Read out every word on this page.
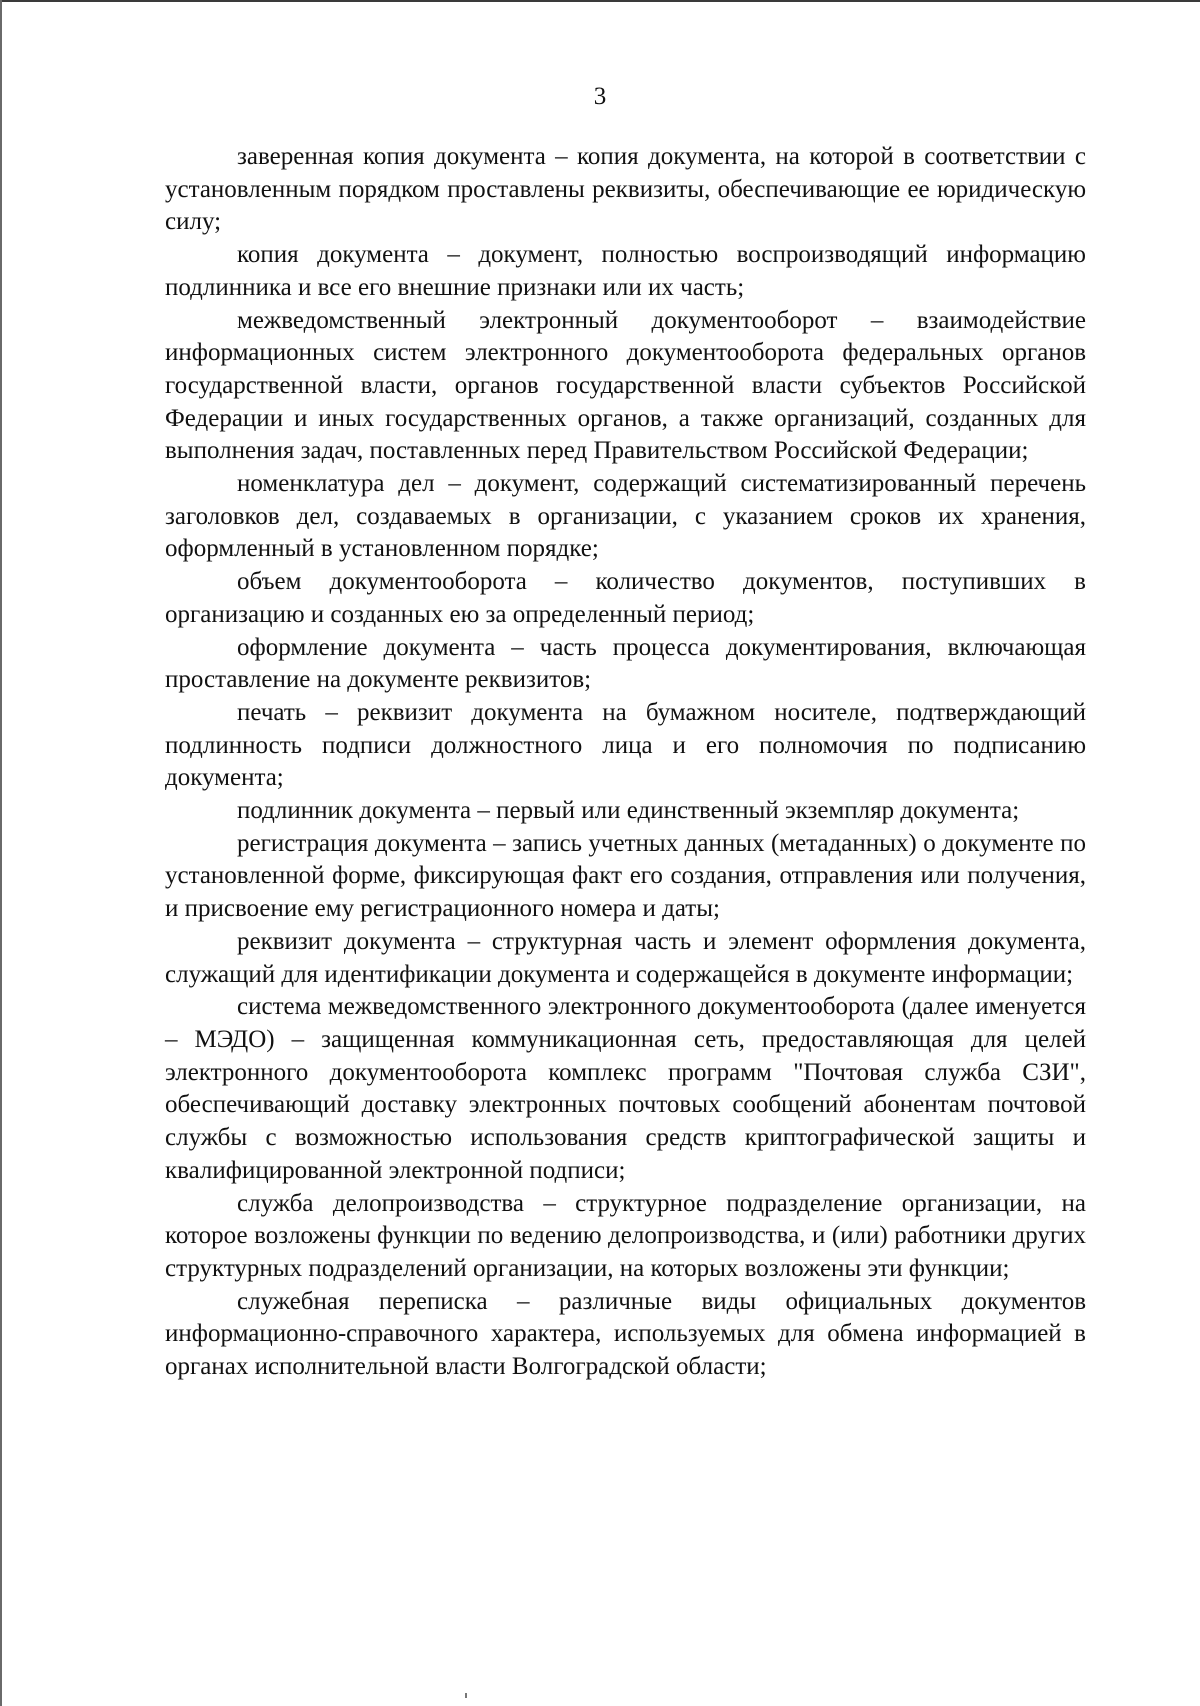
3

заверенная копия документа – копия документа, на которой в соответствии с установленным порядком проставлены реквизиты, обеспечивающие ее юридическую силу;

копия документа – документ, полностью воспроизводящий информацию подлинника и все его внешние признаки или их часть;

межведомственный электронный документооборот – взаимодействие информационных систем электронного документооборота федеральных органов государственной власти, органов государственной власти субъектов Российской Федерации и иных государственных органов, а также организаций, созданных для выполнения задач, поставленных перед Правительством Российской Федерации;

номенклатура дел – документ, содержащий систематизированный перечень заголовков дел, создаваемых в организации, с указанием сроков их хранения, оформленный в установленном порядке;

объем документооборота – количество документов, поступивших в организацию и созданных ею за определенный период;

оформление документа – часть процесса документирования, включающая проставление на документе реквизитов;

печать – реквизит документа на бумажном носителе, подтверждающий подлинность подписи должностного лица и его полномочия по подписанию документа;

подлинник документа – первый или единственный экземпляр документа;

регистрация документа – запись учетных данных (метаданных) о документе по установленной форме, фиксирующая факт его создания, отправления или получения, и присвоение ему регистрационного номера и даты;

реквизит документа – структурная часть и элемент оформления документа, служащий для идентификации документа и содержащейся в документе информации;

система межведомственного электронного документооборота (далее именуется – МЭДО) – защищенная коммуникационная сеть, предоставляющая для целей электронного документооборота комплекс программ "Почтовая служба СЗИ", обеспечивающий доставку электронных почтовых сообщений абонентам почтовой службы с возможностью использования средств криптографической защиты и квалифицированной электронной подписи;

служба делопроизводства – структурное подразделение организации, на которое возложены функции по ведению делопроизводства, и (или) работники других структурных подразделений организации, на которых возложены эти функции;

служебная переписка – различные виды официальных документов информационно-справочного характера, используемых для обмена информацией в органах исполнительной власти Волгоградской области;
